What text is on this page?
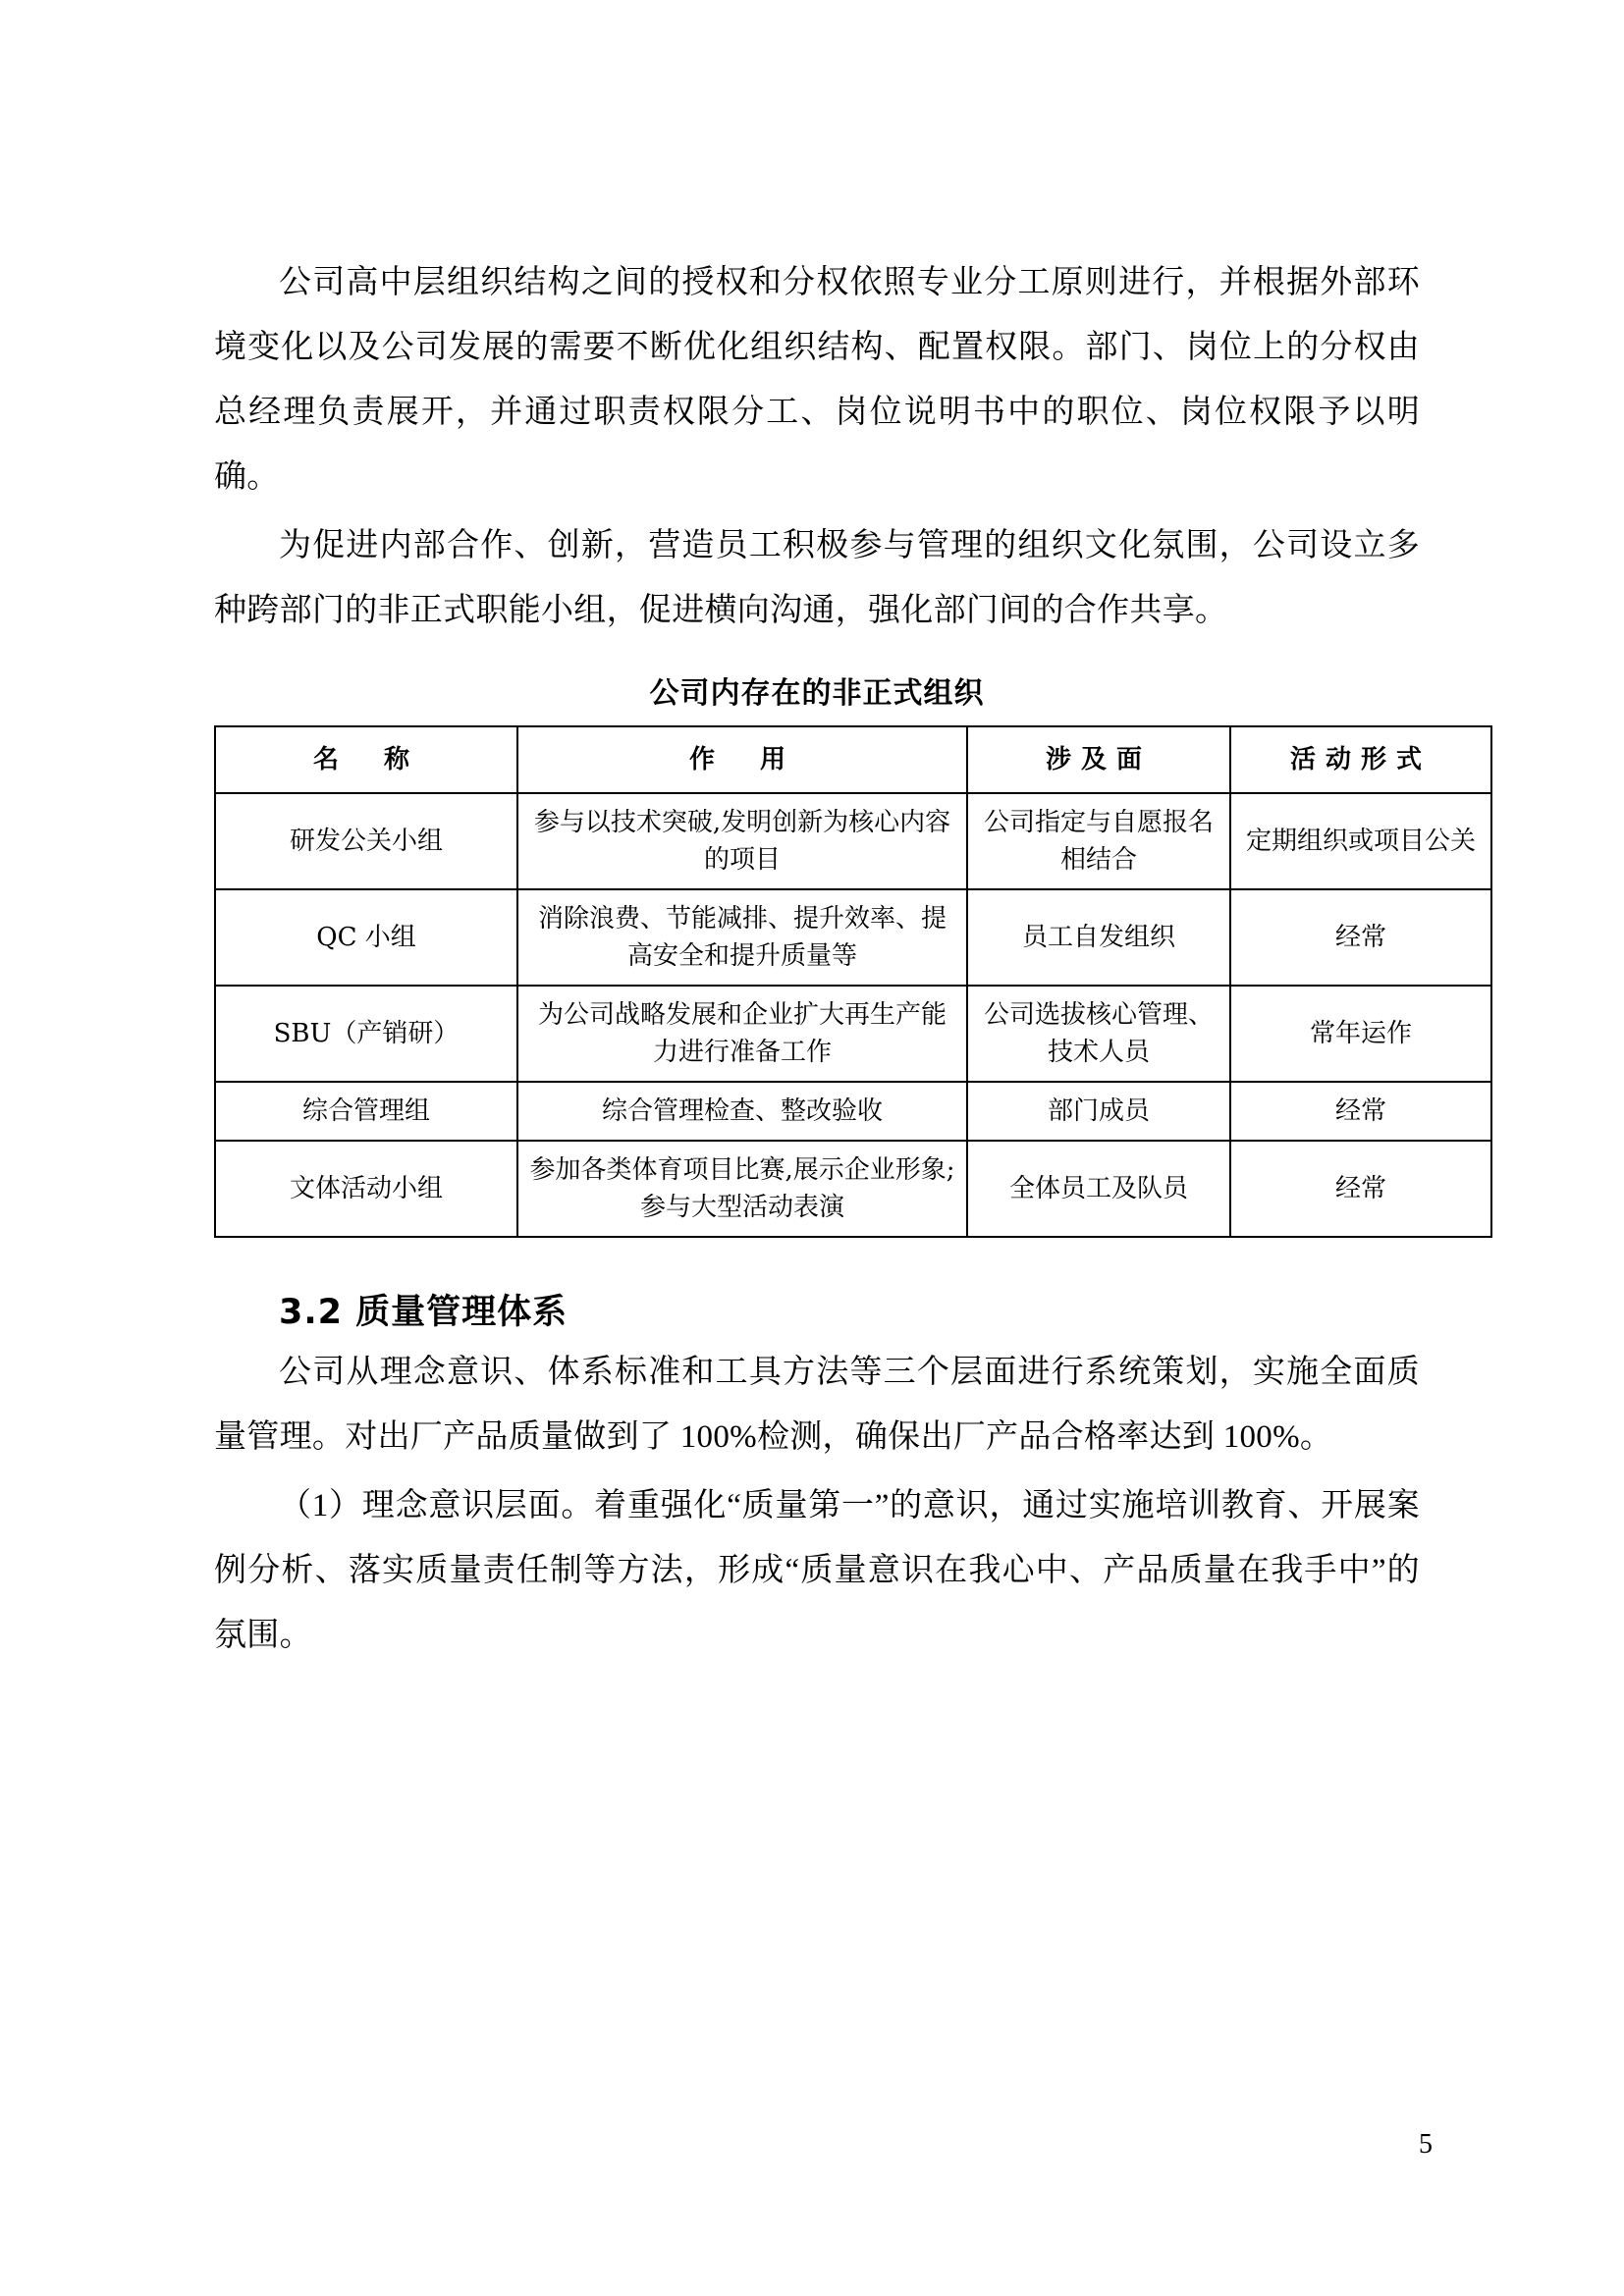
公司高中层组织结构之间的授权和分权依照专业分工原则进行，并根据外部环境变化以及公司发展的需要不断优化组织结构、配置权限。部门、岗位上的分权由总经理负责展开，并通过职责权限分工、岗位说明书中的职位、岗位权限予以明确。

为促进内部合作、创新，营造员工积极参与管理的组织文化氛围，公司设立多种跨部门的非正式职能小组，促进横向沟通，强化部门间的合作共享。

公司内存在的非正式组织
名　称	作　用	涉及面	活动形式
研发公关小组	参与以技术突破,发明创新为核心内容的项目	公司指定与自愿报名相结合	定期组织或项目公关
QC 小组	消除浪费、节能减排、提升效率、提高安全和提升质量等	员工自发组织	经常
SBU（产销研）	为公司战略发展和企业扩大再生产能力进行准备工作	公司选拔核心管理、技术人员	常年运作
综合管理组	综合管理检查、整改验收	部门成员	经常
文体活动小组	参加各类体育项目比赛,展示企业形象;参与大型活动表演	全体员工及队员	经常
3.2 质量管理体系

公司从理念意识、体系标准和工具方法等三个层面进行系统策划，实施全面质量管理。对出厂产品质量做到了 100%检测，确保出厂产品合格率达到 100%。

（1）理念意识层面。着重强化“质量第一”的意识，通过实施培训教育、开展案例分析、落实质量责任制等方法，形成“质量意识在我心中、产品质量在我手中”的氛围。

5
